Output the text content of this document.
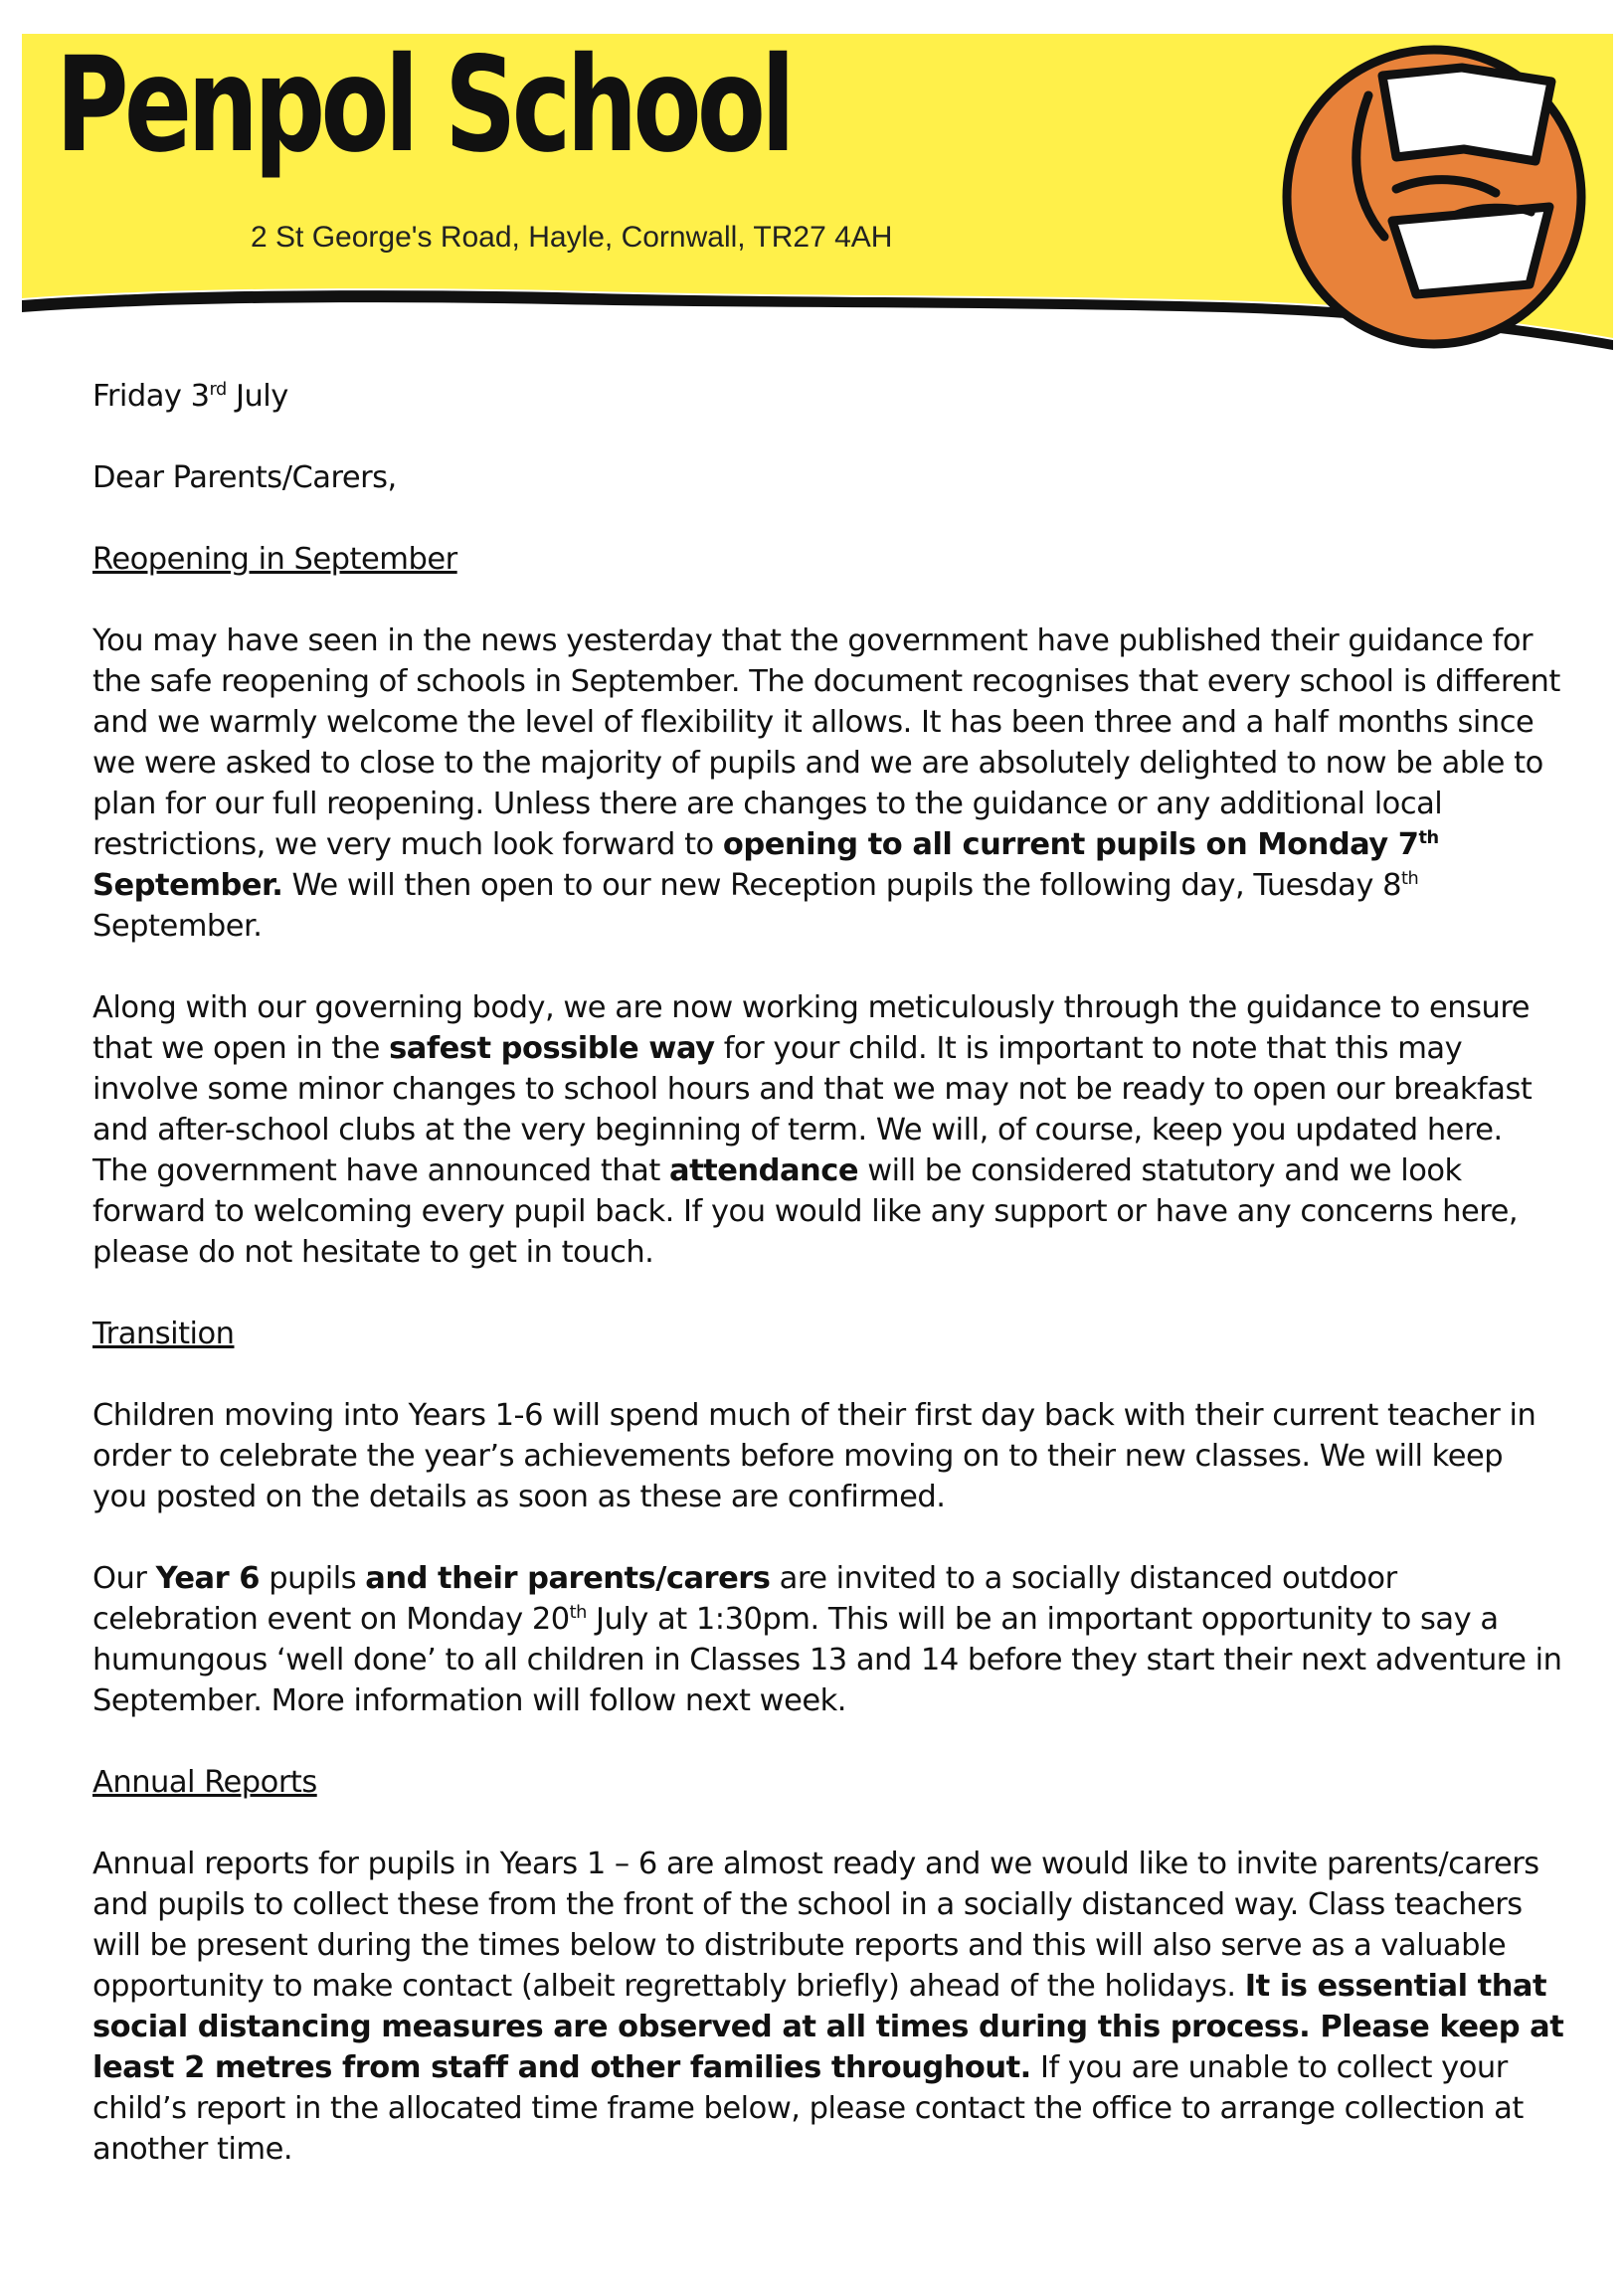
Penpol School
2 St George's Road, Hayle, Cornwall, TR27 4AH

Friday 3rd July

Dear Parents/Carers,

Reopening in September

You may have seen in the news yesterday that the government have published their guidance for the safe reopening of schools in September. The document recognises that every school is different and we warmly welcome the level of flexibility it allows. It has been three and a half months since we were asked to close to the majority of pupils and we are absolutely delighted to now be able to plan for our full reopening. Unless there are changes to the guidance or any additional local restrictions, we very much look forward to opening to all current pupils on Monday 7th September. We will then open to our new Reception pupils the following day, Tuesday 8th September.

Along with our governing body, we are now working meticulously through the guidance to ensure that we open in the safest possible way for your child. It is important to note that this may involve some minor changes to school hours and that we may not be ready to open our breakfast and after-school clubs at the very beginning of term. We will, of course, keep you updated here. The government have announced that attendance will be considered statutory and we look forward to welcoming every pupil back. If you would like any support or have any concerns here, please do not hesitate to get in touch.

Transition

Children moving into Years 1-6 will spend much of their first day back with their current teacher in order to celebrate the year’s achievements before moving on to their new classes. We will keep you posted on the details as soon as these are confirmed.

Our Year 6 pupils and their parents/carers are invited to a socially distanced outdoor celebration event on Monday 20th July at 1:30pm. This will be an important opportunity to say a humungous ‘well done’ to all children in Classes 13 and 14 before they start their next adventure in September. More information will follow next week.

Annual Reports

Annual reports for pupils in Years 1 – 6 are almost ready and we would like to invite parents/carers and pupils to collect these from the front of the school in a socially distanced way. Class teachers will be present during the times below to distribute reports and this will also serve as a valuable opportunity to make contact (albeit regrettably briefly) ahead of the holidays. It is essential that social distancing measures are observed at all times during this process. Please keep at least 2 metres from staff and other families throughout. If you are unable to collect your child’s report in the allocated time frame below, please contact the office to arrange collection at another time.
